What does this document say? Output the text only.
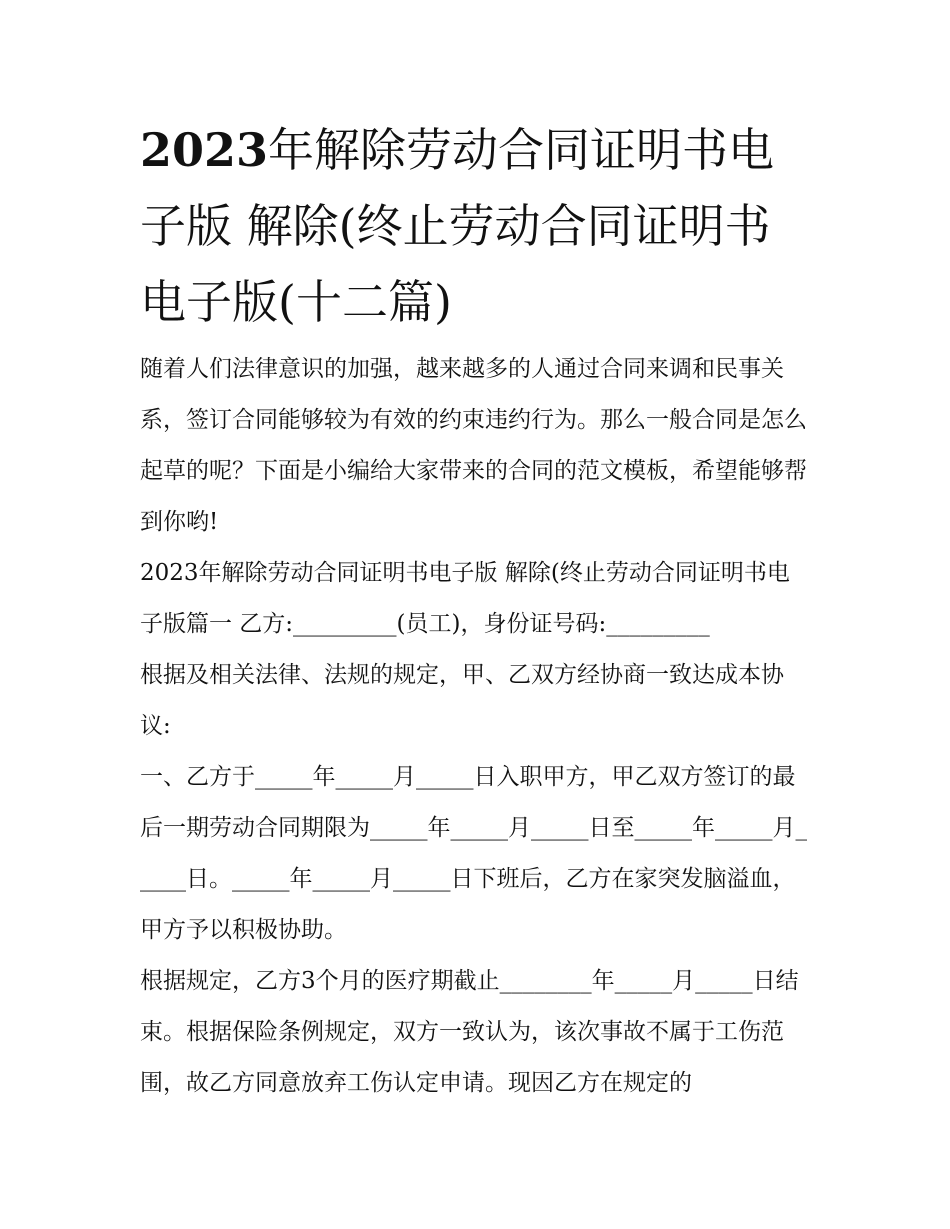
2023年解除劳动合同证明书电子版 解除(终止劳动合同证明书电子版(十二篇)

随着人们法律意识的加强，越来越多的人通过合同来调和民事关系，签订合同能够较为有效的约束违约行为。那么一般合同是怎么起草的呢？下面是小编给大家带来的合同的范文模板，希望能够帮到你哟!

2023年解除劳动合同证明书电子版 解除(终止劳动合同证明书电子版篇一 乙方:_________(员工)，身份证号码:_________

根据及相关法律、法规的规定，甲、乙双方经协商一致达成本协议:

一、乙方于_____年_____月_____日入职甲方，甲乙双方签订的最后一期劳动合同期限为_____年_____月_____日至_____年_____月_____日。_____年_____月_____日下班后，乙方在家突发脑溢血，甲方予以积极协助。

根据规定，乙方3个月的医疗期截止________年_____月_____日结束。根据保险条例规定，双方一致认为，该次事故不属于工伤范围，故乙方同意放弃工伤认定申请。现因乙方在规定的
